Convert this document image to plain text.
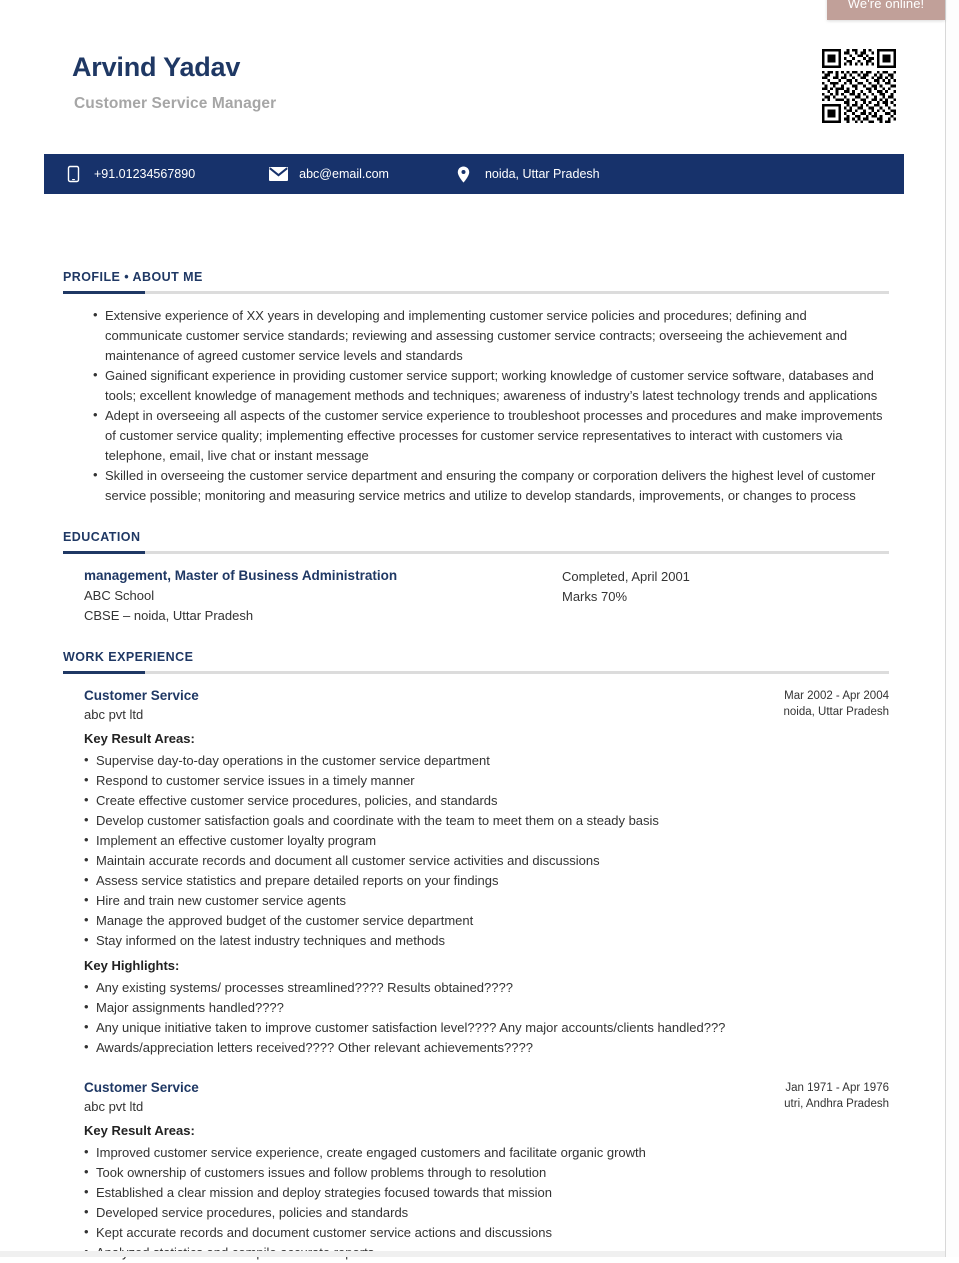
Arvind Yadav
Customer Service Manager
+91.01234567890	abc@email.com	noida, Uttar Pradesh
PROFILE • ABOUT ME
• Extensive experience of XX years in developing and implementing customer service policies and procedures; defining and communicate customer service standards; reviewing and assessing customer service contracts; overseeing the achievement and maintenance of agreed customer service levels and standards
• Gained significant experience in providing customer service support; working knowledge of customer service software, databases and tools; excellent knowledge of management methods and techniques; awareness of industry’s latest technology trends and applications
• Adept in overseeing all aspects of the customer service experience to troubleshoot processes and procedures and make improvements of customer service quality; implementing effective processes for customer service representatives to interact with customers via telephone, email, live chat or instant message
• Skilled in overseeing the customer service department and ensuring the company or corporation delivers the highest level of customer service possible; monitoring and measuring service metrics and utilize to develop standards, improvements, or changes to process
EDUCATION
management, Master of Business Administration
ABC School
CBSE – noida, Uttar Pradesh
Completed, April 2001
Marks 70%
WORK EXPERIENCE
Customer Service
abc pvt ltd
Mar 2002 - Apr 2004
noida, Uttar Pradesh
Key Result Areas:
• Supervise day-to-day operations in the customer service department
• Respond to customer service issues in a timely manner
• Create effective customer service procedures, policies, and standards
• Develop customer satisfaction goals and coordinate with the team to meet them on a steady basis
• Implement an effective customer loyalty program
• Maintain accurate records and document all customer service activities and discussions
• Assess service statistics and prepare detailed reports on your findings
• Hire and train new customer service agents
• Manage the approved budget of the customer service department
• Stay informed on the latest industry techniques and methods
Key Highlights:
• Any existing systems/ processes streamlined???? Results obtained????
• Major assignments handled????
• Any unique initiative taken to improve customer satisfaction level???? Any major accounts/clients handled???
• Awards/appreciation letters received???? Other relevant achievements????
Customer Service
abc pvt ltd
Jan 1971 - Apr 1976
utri, Andhra Pradesh
Key Result Areas:
• Improved customer service experience, create engaged customers and facilitate organic growth
• Took ownership of customers issues and follow problems through to resolution
• Established a clear mission and deploy strategies focused towards that mission
• Developed service procedures, policies and standards
• Kept accurate records and document customer service actions and discussions
•
We're online!
